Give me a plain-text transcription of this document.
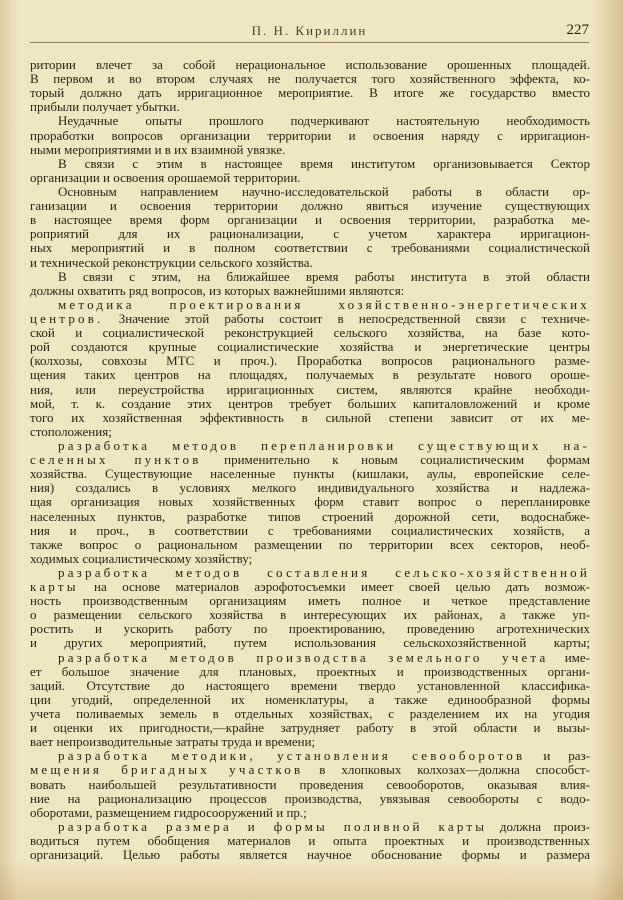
П. Н. Кириллин	227
ритории влечет за собой нерациональное использование орошенных площадей.
В первом и во втором случаях не получается того хозяйственного эффекта, ко-
торый должно дать ирригационное мероприятие. В итоге же государство вместо
прибыли получает убытки.
Неудачные опыты прошлого подчеркивают настоятельную необходимость
проработки вопросов организации территории и освоения наряду с ирригацион-
ными мероприятиями и в их взаимной увязке.
В связи с этим в настоящее время институтом организовывается Сектор
организации и освоения орошаемой территории.
Основным направлением научно-исследовательской работы в области ор-
ганизации и освоения территории должно явиться изучение существующих
в настоящее время форм организации и освоения территории, разработка ме-
роприятий для их рационализации, с учетом характера ирригацион-
ных мероприятий и в полном соответствии с требованиями социалистической
и технической реконструкции сельского хозяйства.
В связи с этим, на ближайшее время работы института в этой области
должны охватить ряд вопросов, из которых важнейшими являются:
методика проектирования хозяйственно-энергетических
центров. Значение этой работы состоит в непосредственной связи с техниче-
ской и социалистической реконструкцией сельского хозяйства, на базе кото-
рой создаются крупные социалистические хозяйства и энергетические центры
(колхозы, совхозы МТС и проч.). Проработка вопросов рационального разме-
щения таких центров на площадях, получаемых в результате нового ороше-
ния, или переустройства ирригационных систем, являются крайне необходи-
мой, т. к. создание этих центров требует больших капиталовложений и кроме
того их хозяйственная эффективность в сильной степени зависит от их ме-
стоположения;
разработка методов перепланировки существующих на-
селенных пунктов применительно к новым социалистическим формам
хозяйства. Существующие населенные пункты (кишлаки, аулы, европейские селе-
ния) создались в условиях мелкого индивидуального хозяйства и надлежа-
щая организация новых хозяйственных форм ставит вопрос о перепланировке
населенных пунктов, разработке типов строений дорожной сети, водоснабже-
ния и проч., в соответствии с требованиями социалистических хозяйств, а
также вопрос о рациональном размещении по территории всех секторов, необ-
ходимых социалистическому хозяйству;
разработка методов составления сельско-хозяйственной
карты на основе материалов аэрофотосъемки имеет своей целью дать возмож-
ность производственным организациям иметь полное и четкое представление
о размещении сельского хозяйства в интересующих их районах, а также уп-
ростить и ускорить работу по проектированию, проведению агротехнических
и других мероприятий, путем использования сельскохозяйственной карты;
разработка методов производства земельного учета име-
ет большое значение для плановых, проектных и производственных органи-
заций. Отсутствие до настоящего времени твердо установленной классифика-
ции угодий, определенной их номенклатуры, а также единообразной формы
учета поливаемых земель в отдельных хозяйствах, с разделением их на угодия
и оценки их пригодности,—крайне затрудняет работу в этой области и вызы-
вает непроизводительные затраты труда и времени;
разработка методики, установления севооборотов и раз-
мещения бригадных участков в хлопковых колхозах—должна способст-
вовать наибольшей результативности проведения севооборотов, оказывая влия-
ние на рационализацию процессов производства, увязывая севообороты с водо-
оборотами, размещением гидросооружений и пр.;
разработка размера и формы поливной карты должна произ-
водиться путем обобщения материалов и опыта проектных и производственных
организаций. Целью работы является научное обоснование формы и размера
